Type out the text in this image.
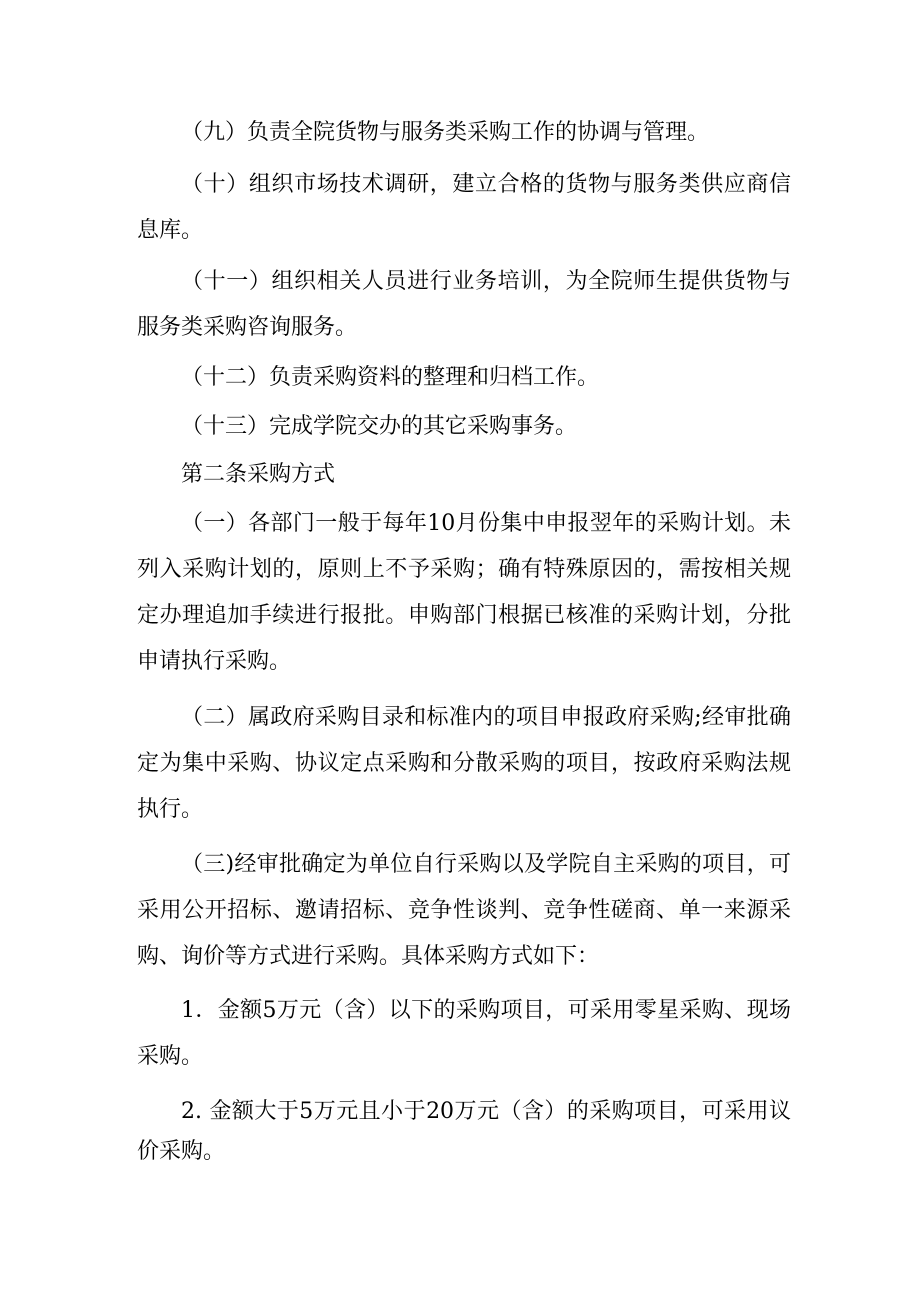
（九）负责全院货物与服务类采购工作的协调与管理。

（十）组织市场技术调研，建立合格的货物与服务类供应商信息库。

（十一）组织相关人员进行业务培训，为全院师生提供货物与服务类采购咨询服务。

（十二）负责采购资料的整理和归档工作。

（十三）完成学院交办的其它采购事务。

第二条采购方式

（一）各部门一般于每年10月份集中申报翌年的采购计划。未列入采购计划的，原则上不予采购；确有特殊原因的，需按相关规定办理追加手续进行报批。申购部门根据已核准的采购计划，分批申请执行采购。

（二）属政府采购目录和标准内的项目申报政府采购;经审批确定为集中采购、协议定点采购和分散采购的项目，按政府采购法规执行。

（三)经审批确定为单位自行采购以及学院自主采购的项目，可采用公开招标、邀请招标、竞争性谈判、竞争性磋商、单一来源采购、询价等方式进行采购。具体采购方式如下：

1．金额5万元（含）以下的采购项目，可采用零星采购、现场采购。

2. 金额大于5万元且小于20万元（含）的采购项目，可采用议价采购。
